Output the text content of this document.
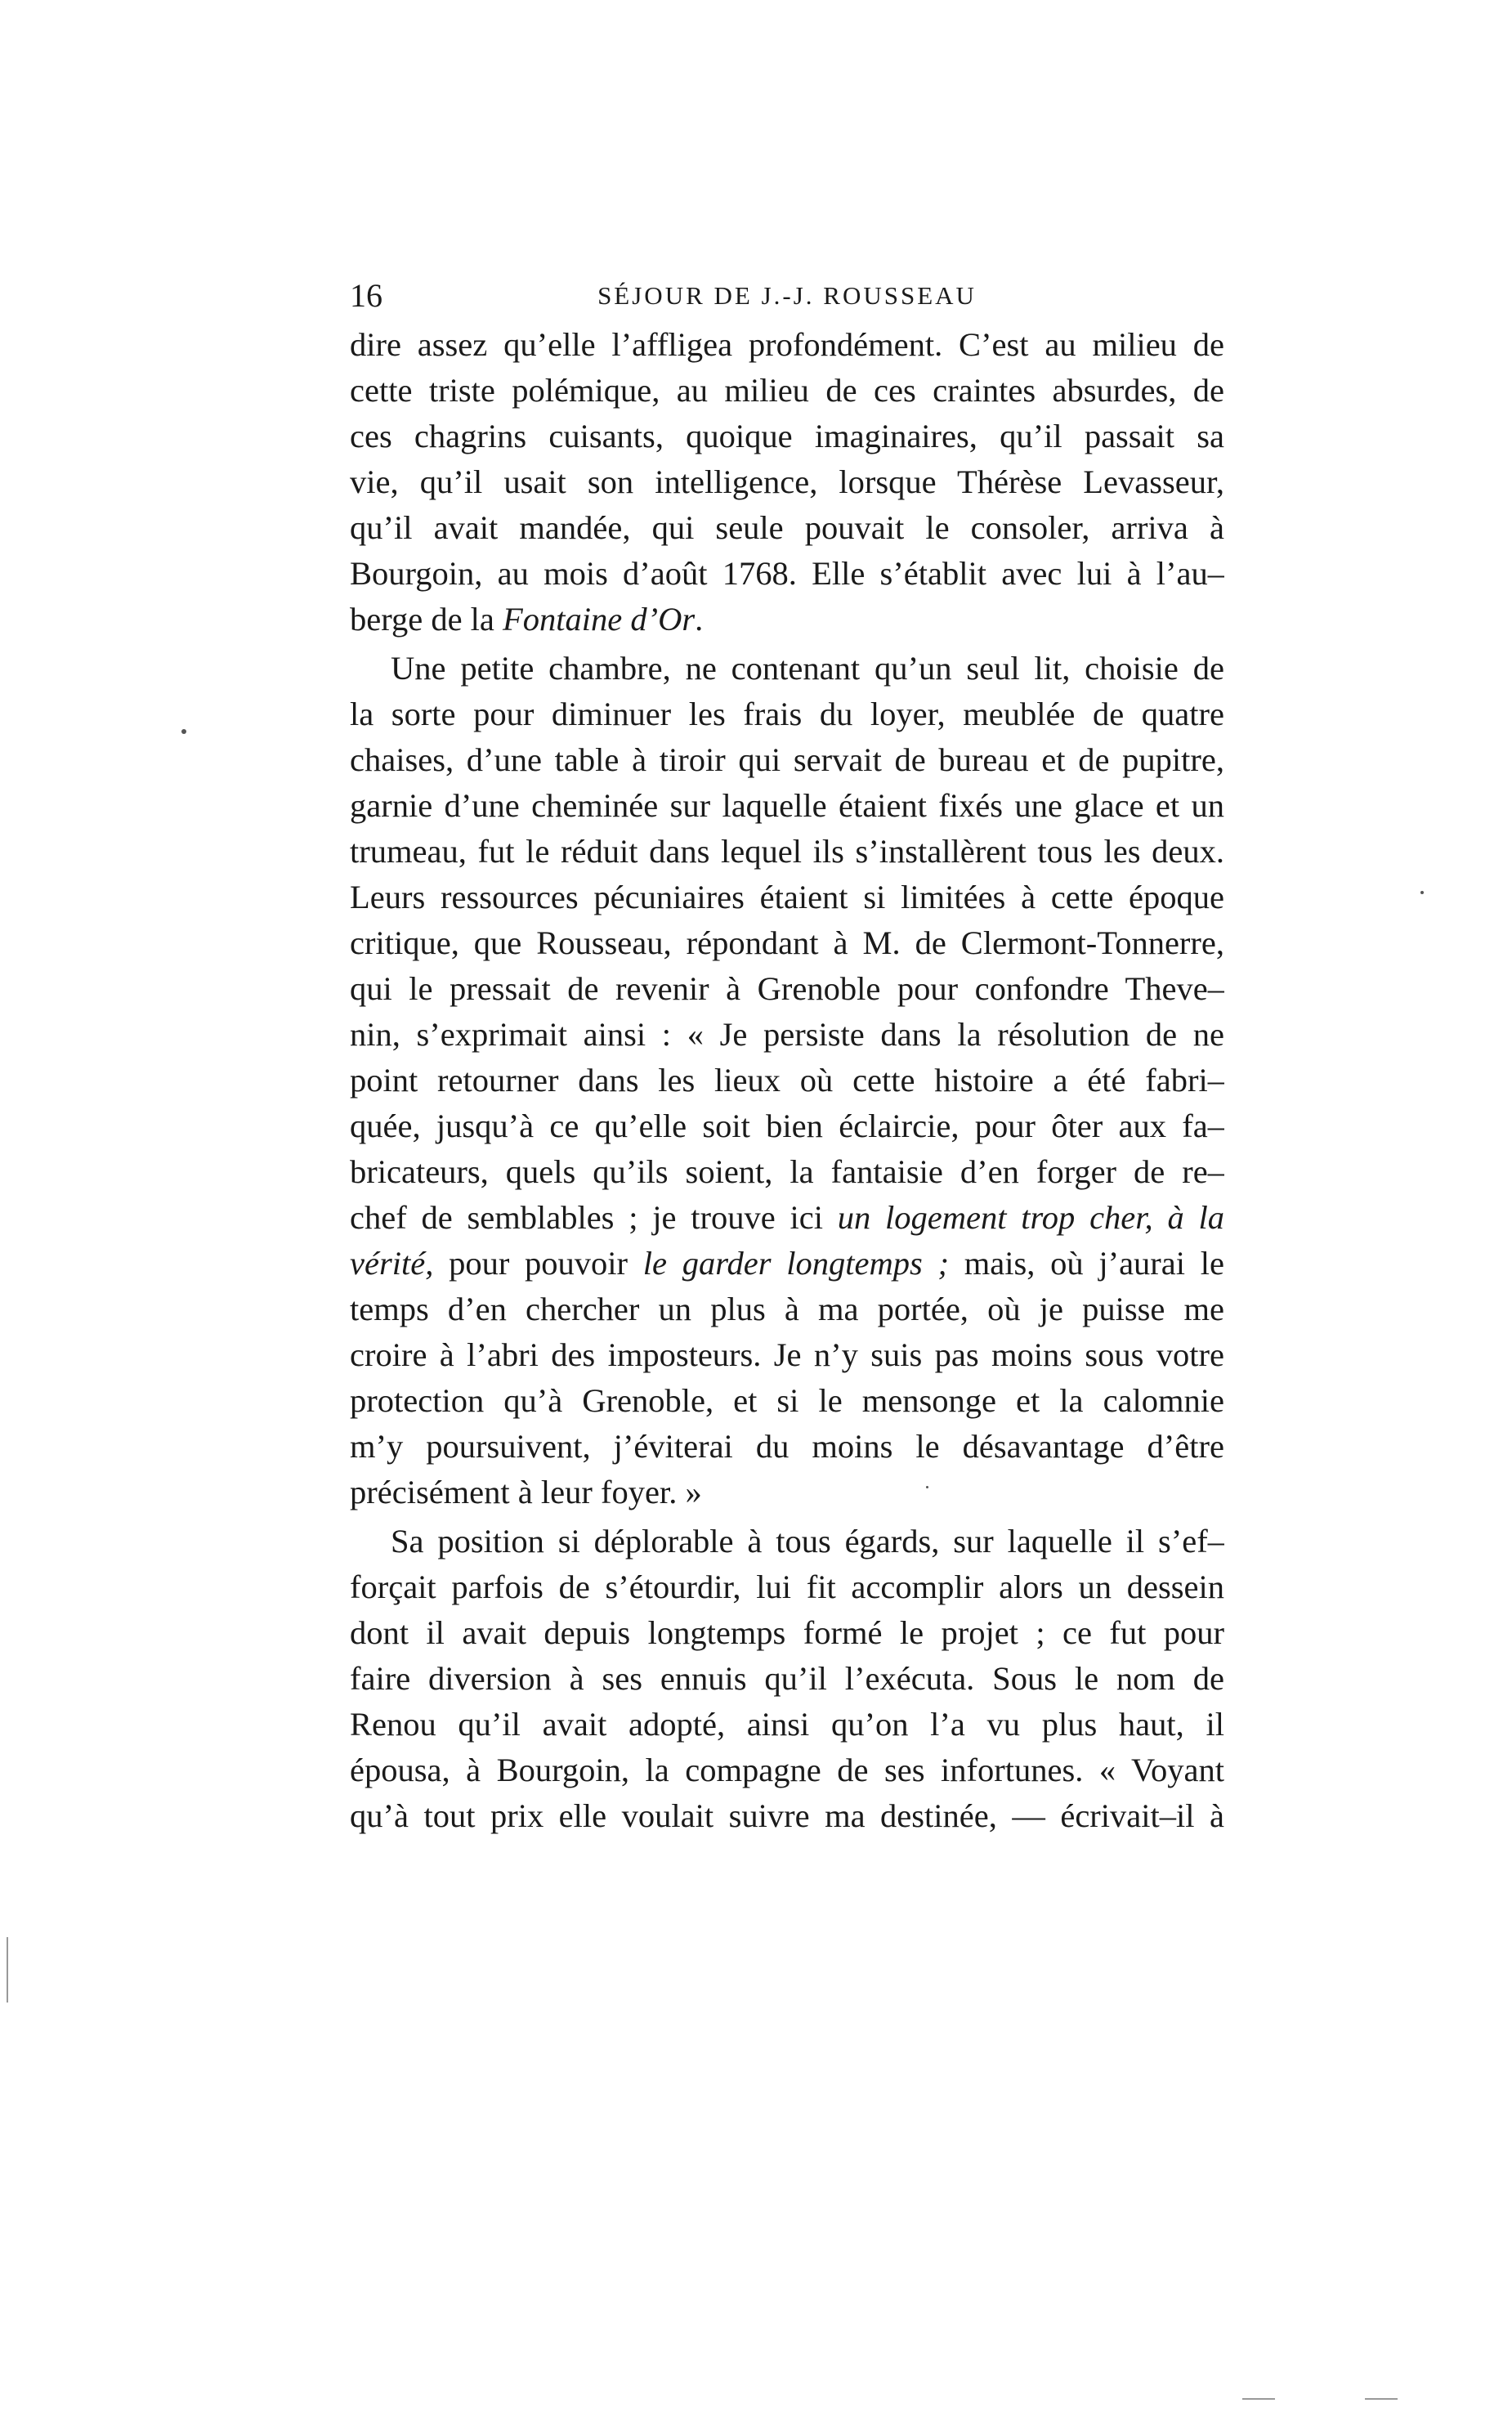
16	SÉJOUR DE J.-J. ROUSSEAU
dire assez qu’elle l’affligea profondément. C’est au milieu de
cette triste polémique, au milieu de ces craintes absurdes, de
ces chagrins cuisants, quoique imaginaires, qu’il passait sa
vie, qu’il usait son intelligence, lorsque Thérèse Levasseur,
qu’il avait mandée, qui seule pouvait le consoler, arriva à
Bourgoin, au mois d’août 1768. Elle s’établit avec lui à l’au–
berge de la Fontaine d’Or.
Une petite chambre, ne contenant qu’un seul lit, choisie de
la sorte pour diminuer les frais du loyer, meublée de quatre
chaises, d’une table à tiroir qui servait de bureau et de pupitre,
garnie d’une cheminée sur laquelle étaient fixés une glace et un
trumeau, fut le réduit dans lequel ils s’installèrent tous les deux.
Leurs ressources pécuniaires étaient si limitées à cette époque
critique, que Rousseau, répondant à M. de Clermont-Tonnerre,
qui le pressait de revenir à Grenoble pour confondre Theve–
nin, s’exprimait ainsi : « Je persiste dans la résolution de ne
point retourner dans les lieux où cette histoire a été fabri–
quée, jusqu’à ce qu’elle soit bien éclaircie, pour ôter aux fa–
bricateurs, quels qu’ils soient, la fantaisie d’en forger de re–
chef de semblables ; je trouve ici un logement trop cher, à la
vérité, pour pouvoir le garder longtemps ; mais, où j’aurai le
temps d’en chercher un plus à ma portée, où je puisse me
croire à l’abri des imposteurs. Je n’y suis pas moins sous votre
protection qu’à Grenoble, et si le mensonge et la calomnie
m’y poursuivent, j’éviterai du moins le désavantage d’être
précisément à leur foyer. »
Sa position si déplorable à tous égards, sur laquelle il s’ef–
forçait parfois de s’étourdir, lui fit accomplir alors un dessein
dont il avait depuis longtemps formé le projet ; ce fut pour
faire diversion à ses ennuis qu’il l’exécuta. Sous le nom de
Renou qu’il avait adopté, ainsi qu’on l’a vu plus haut, il
épousa, à Bourgoin, la compagne de ses infortunes. « Voyant
qu’à tout prix elle voulait suivre ma destinée, — écrivait–il à
